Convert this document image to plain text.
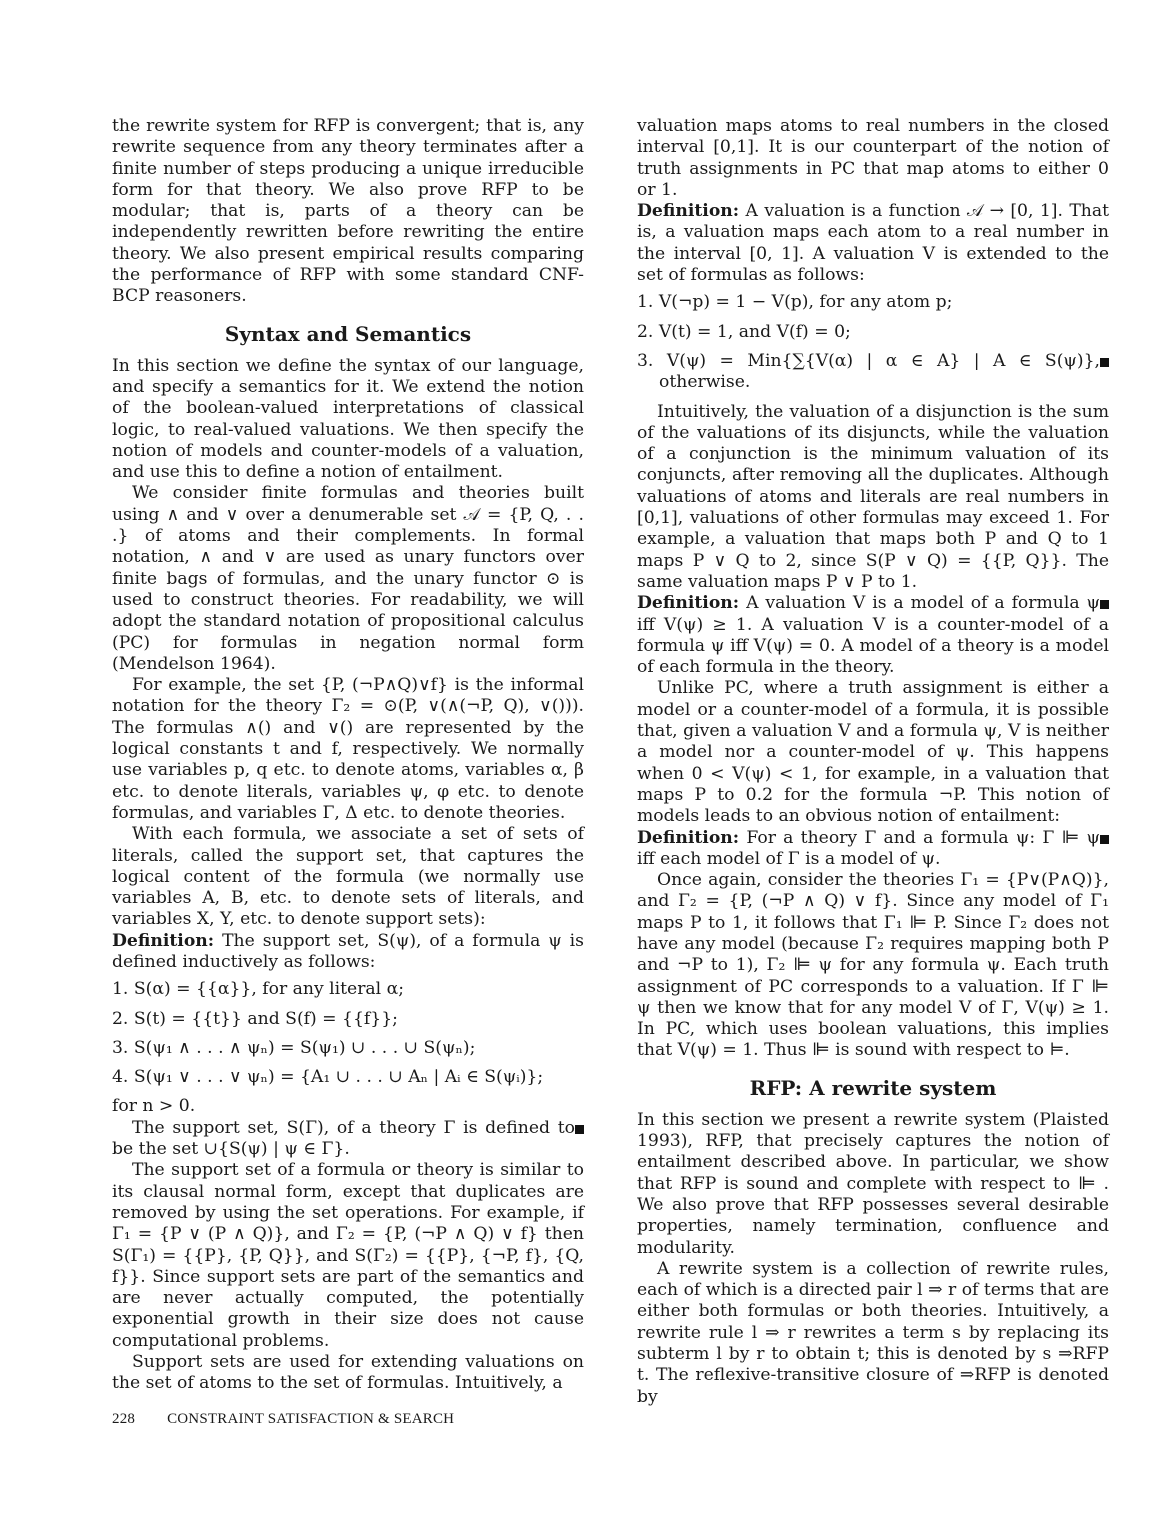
the rewrite system for RFP is convergent; that is, any rewrite sequence from any theory terminates after a finite number of steps producing a unique irreducible form for that theory. We also prove RFP to be modular; that is, parts of a theory can be independently rewritten before rewriting the entire theory. We also present empirical results comparing the performance of RFP with some standard CNF-BCP reasoners.

Syntax and Semantics

In this section we define the syntax of our language, and specify a semantics for it. We extend the notion of the boolean-valued interpretations of classical logic, to real-valued valuations. We then specify the notion of models and counter-models of a valuation, and use this to define a notion of entailment.

We consider finite formulas and theories built using ∧ and ∨ over a denumerable set 𝒜 = {P, Q, . . .} of atoms and their complements. In formal notation, ∧ and ∨ are used as unary functors over finite bags of formulas, and the unary functor ⊙ is used to construct theories. For readability, we will adopt the standard notation of propositional calculus (PC) for formulas in negation normal form (Mendelson 1964).

For example, the set {P, (¬P∧Q)∨f} is the informal notation for the theory Γ₂ = ⊙(P, ∨(∧(¬P, Q), ∨())). The formulas ∧() and ∨() are represented by the logical constants t and f, respectively. We normally use variables p, q etc. to denote atoms, variables α, β etc. to denote literals, variables ψ, φ etc. to denote formulas, and variables Γ, Δ etc. to denote theories.

With each formula, we associate a set of sets of literals, called the support set, that captures the logical content of the formula (we normally use variables A, B, etc. to denote sets of literals, and variables X, Y, etc. to denote support sets):

Definition: The support set, S(ψ), of a formula ψ is defined inductively as follows:

1. S(α) = {{α}}, for any literal α;
2. S(t) = {{t}} and S(f) = {{f}};
3. S(ψ₁ ∧ . . . ∧ ψₙ) = S(ψ₁) ∪ . . . ∪ S(ψₙ);
4. S(ψ₁ ∨ . . . ∨ ψₙ) = {A₁ ∪ . . . ∪ Aₙ | Aᵢ ∈ S(ψᵢ)};

for n > 0.

The support set, S(Γ), of a theory Γ is defined to be the set ∪{S(ψ) | ψ ∈ Γ}.

The support set of a formula or theory is similar to its clausal normal form, except that duplicates are removed by using the set operations. For example, if Γ₁ = {P ∨ (P ∧ Q)}, and Γ₂ = {P, (¬P ∧ Q) ∨ f} then S(Γ₁) = {{P}, {P, Q}}, and S(Γ₂) = {{P}, {¬P, f}, {Q, f}}. Since support sets are part of the semantics and are never actually computed, the potentially exponential growth in their size does not cause computational problems.

Support sets are used for extending valuations on the set of atoms to the set of formulas. Intuitively, a

valuation maps atoms to real numbers in the closed interval [0,1]. It is our counterpart of the notion of truth assignments in PC that map atoms to either 0 or 1.

Definition: A valuation is a function 𝒜 → [0, 1]. That is, a valuation maps each atom to a real number in the interval [0, 1]. A valuation V is extended to the set of formulas as follows:

1. V(¬p) = 1 − V(p), for any atom p;
2. V(t) = 1, and V(f) = 0;
3. V(ψ) = Min{∑{V(α) | α ∈ A} | A ∈ S(ψ)}, otherwise.

Intuitively, the valuation of a disjunction is the sum of the valuations of its disjuncts, while the valuation of a conjunction is the minimum valuation of its conjuncts, after removing all the duplicates. Although valuations of atoms and literals are real numbers in [0,1], valuations of other formulas may exceed 1. For example, a valuation that maps both P and Q to 1 maps P ∨ Q to 2, since S(P ∨ Q) = {{P, Q}}. The same valuation maps P ∨ P to 1.

Definition: A valuation V is a model of a formula ψ iff V(ψ) ≥ 1. A valuation V is a counter-model of a formula ψ iff V(ψ) = 0. A model of a theory is a model of each formula in the theory.

Unlike PC, where a truth assignment is either a model or a counter-model of a formula, it is possible that, given a valuation V and a formula ψ, V is neither a model nor a counter-model of ψ. This happens when 0 < V(ψ) < 1, for example, in a valuation that maps P to 0.2 for the formula ¬P. This notion of models leads to an obvious notion of entailment:

Definition: For a theory Γ and a formula ψ: Γ ⊫ ψ iff each model of Γ is a model of ψ.

Once again, consider the theories Γ₁ = {P∨(P∧Q)}, and Γ₂ = {P, (¬P ∧ Q) ∨ f}. Since any model of Γ₁ maps P to 1, it follows that Γ₁ ⊫ P. Since Γ₂ does not have any model (because Γ₂ requires mapping both P and ¬P to 1), Γ₂ ⊫ ψ for any formula ψ. Each truth assignment of PC corresponds to a valuation. If Γ ⊫ ψ then we know that for any model V of Γ, V(ψ) ≥ 1. In PC, which uses boolean valuations, this implies that V(ψ) = 1. Thus ⊫ is sound with respect to ⊨.

RFP: A rewrite system

In this section we present a rewrite system (Plaisted 1993), RFP, that precisely captures the notion of entailment described above. In particular, we show that RFP is sound and complete with respect to ⊫ . We also prove that RFP possesses several desirable properties, namely termination, confluence and modularity.

A rewrite system is a collection of rewrite rules, each of which is a directed pair l ⇒ r of terms that are either both formulas or both theories. Intuitively, a rewrite rule l ⇒ r rewrites a term s by replacing its subterm l by r to obtain t; this is denoted by s ⇒RFP t. The reflexive-transitive closure of ⇒RFP is denoted by

228 CONSTRAINT SATISFACTION & SEARCH
